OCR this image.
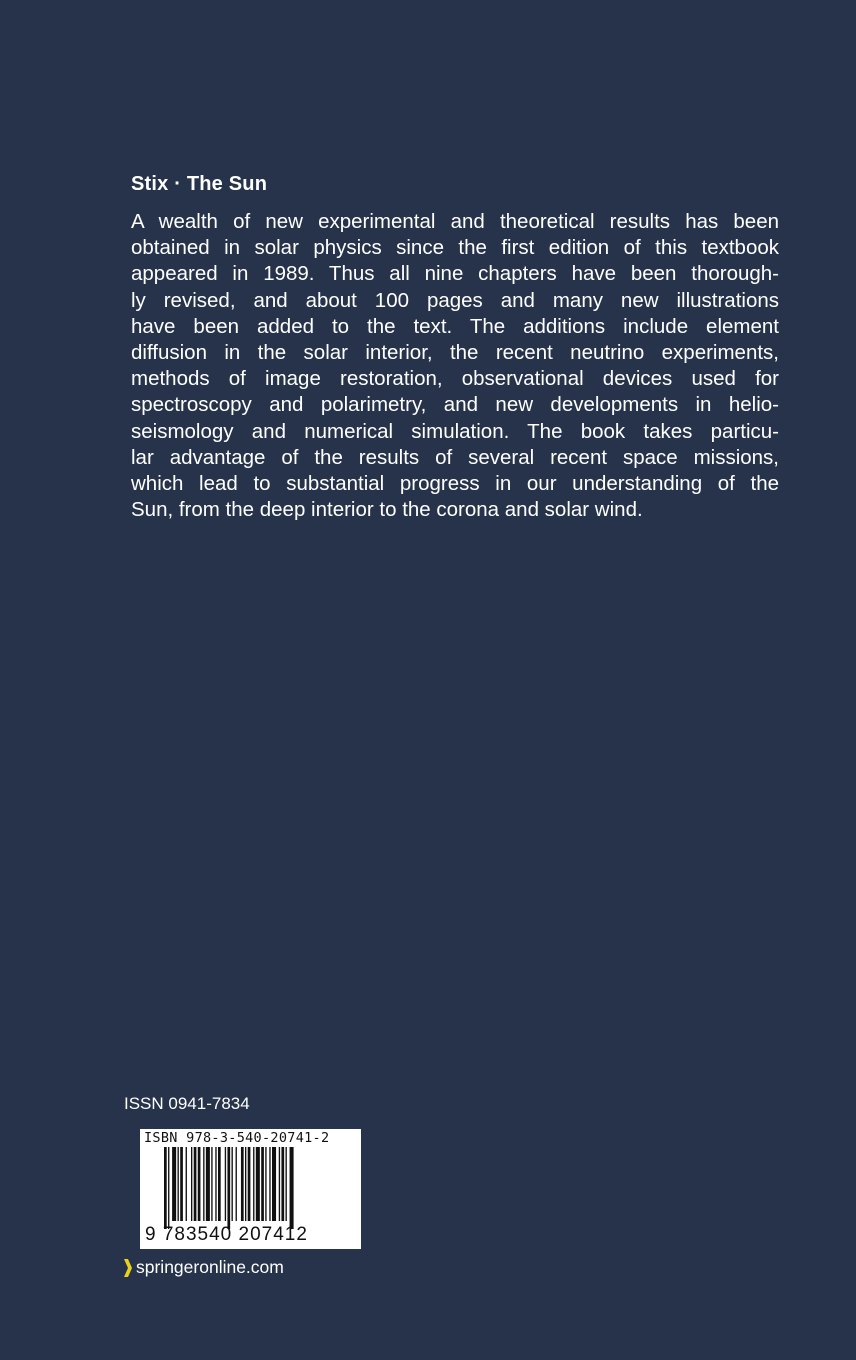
Stix · The Sun
A wealth of new experimental and theoretical results has been
obtained in solar physics since the first edition of this textbook
appeared in 1989. Thus all nine chapters have been thorough-
ly revised, and about 100 pages and many new illustrations
have been added to the text. The additions include element
diffusion in the solar interior, the recent neutrino experiments,
methods of image restoration, observational devices used for
spectroscopy and polarimetry, and new developments in helio-
seismology and numerical simulation. The book takes particu-
lar advantage of the results of several recent space missions,
which lead to substantial progress in our understanding of the
Sun, from the deep interior to the corona and solar wind.
ISSN 0941-7834
ISBN 978-3-540-20741-2
9 783540 207412
springeronline.com
